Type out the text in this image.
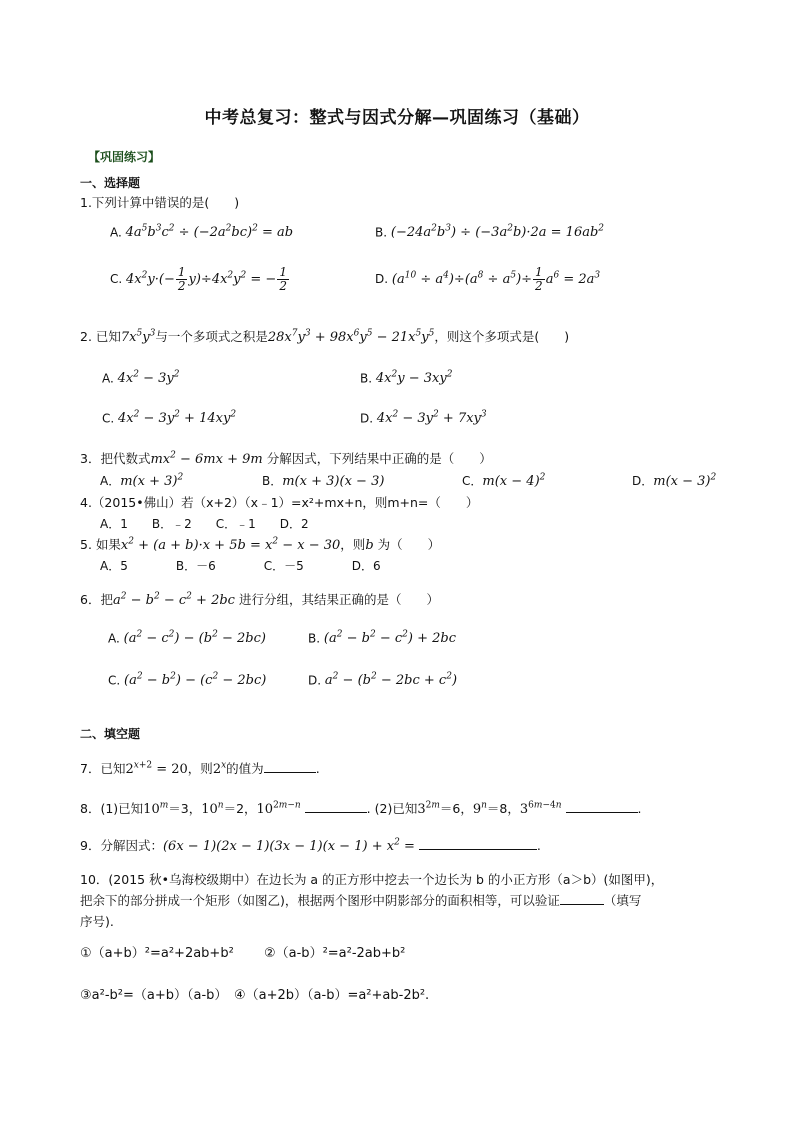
中考总复习：整式与因式分解—巩固练习（基础）
【巩固练习】
一、选择题
1.下列计算中错误的是(　　)
A. $4a^5b^3c^2 \div (-2a^2bc)^2$ = ab	B. $(-24a^2b^3) \div (-3a^2b)\cdot 2a = 16ab^2$
C. $4x^2y\cdot(- \frac{1}{2} y)\div 4x^2y^2$ = − $\frac{1}{2}$	D. $(a^{10} \div a^4)\div(a^8 \div a^5)\div \frac{1}{2} a^6 = 2a^3$
2. 已知$7x^5y^3$与一个多项式之积是$28x^7y^3 + 98x^6y^5 - 21x^5y^5$，则这个多项式是(　　)
A. $4x^2 - 3y^2$	B. $4x^2y - 3xy^2$
C. $4x^2 - 3y^2 + 14xy^2$	D. $4x^2 - 3y^2 + 7xy^3$
3．把代数式$mx^2 - 6mx + 9m$ 分解因式，下列结果中正确的是（　　）
A．$m(x + 3)^2$	B．m(x + 3)(x − 3)	C．$m(x - 4)^2$	D．$m(x - 3)^2$
4.（2015•佛山）若（x+2）（x﹣1）=x²+mx+n，则m+n=（　　）
A．1　　B．﹣2　　C．﹣1　　D．2
5. 如果$x^2 + (a + b)\cdot x + 5b = x^2 - x - 30$，则b 为（　　）
A．5　　　　B．－6　　　　C．－5　　　　D．6
6．把$a^2 - b^2 - c^2 + 2bc$ 进行分组，其结果正确的是（　　）
A. $(a^2 - c^2) - (b^2 - 2bc)$	B. $(a^2 - b^2 - c^2) + 2bc$
C. $(a^2 - b^2) - (c^2 - 2bc)$	D. $a^2 - (b^2 - 2bc + c^2)$
二、填空题
7．已知$2^{x+2} = 20$，则2$^x$的值为	.
8．(1)已知$10^m=3$，$10^n=2$，$10^{2m-n}$	. (2)已知$3^{2m}=6$，$9^n=8$，$3^{6m-4n}$	.
9．分解因式：$(6x - 1)(2x - 1)(3x - 1)(x - 1) + x^2$ =	.
10．(2015 秋•乌海校级期中）在边长为 a 的正方形中挖去一个边长为 b 的小正方形（a＞b）(如图甲)，
把余下的部分拼成一个矩形（如图乙)，根据两个图形中阴影部分的面积相等，可以验证	（填写
序号).
①（a+b）²=a²+2ab+b² ②（a-b）²=a²-2ab+b²
③a²-b²=（a+b）（a-b） ④（a+2b）（a-b）=a²+ab-2b².
